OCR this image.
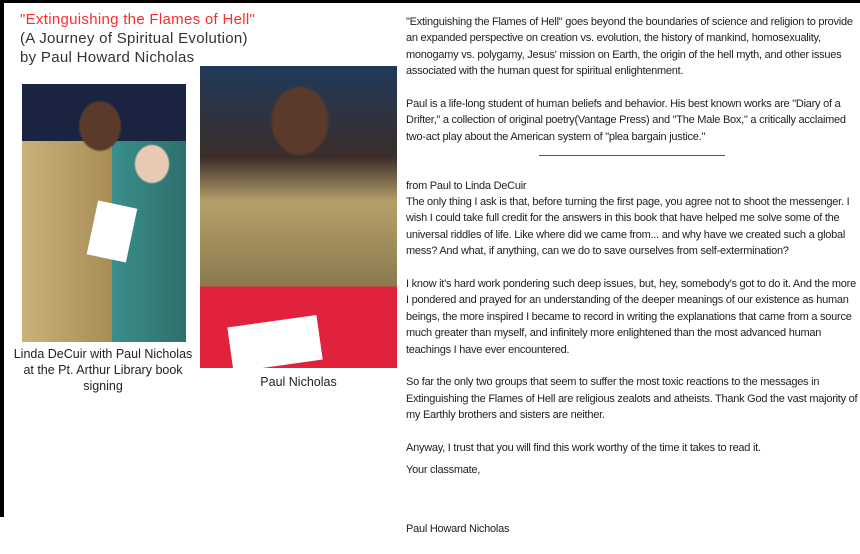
"Extinguishing the Flames of Hell"
(A Journey of Spiritual Evolution)
by Paul Howard Nicholas
Linda DeCuir with Paul Nicholas at the Pt. Arthur Library book signing	Paul Nicholas

"Extinguishing the Flames of Hell" goes beyond the boundaries of science and religion to provide an expanded perspective on creation vs. evolution, the history of mankind, homosexuality, monogamy vs. polygamy, Jesus' mission on Earth, the origin of the hell myth, and other issues associated with the human quest for spiritual enlightenment.

Paul is a life-long student of human beliefs and behavior. His best known works are "Diary of a Drifter," a collection of original poetry(Vantage Press) and "The Male Box," a critically acclaimed two-act play about the American system of "plea bargain justice."

from Paul to Linda DeCuir

The only thing I ask is that, before turning the first page, you agree not to shoot the messenger. I wish I could take full credit for the answers in this book that have helped me solve some of the universal riddles of life. Like where did we came from... and why have we created such a global mess? And what, if anything, can we do to save ourselves from self-extermination?

I know it's hard work pondering such deep issues, but, hey, somebody's got to do it. And the more I pondered and prayed for an understanding of the deeper meanings of our existence as human beings, the more inspired I became to record in writing the explanations that came from a source much greater than myself, and infinitely more enlightened than the most advanced human teachings I have ever encountered.

So far the only two groups that seem to suffer the most toxic reactions to the messages in Extinguishing the Flames of Hell are religious zealots and atheists. Thank God the vast majority of my Earthly brothers and sisters are neither.

Anyway, I trust that you will find this work worthy of the time it takes to read it.

Your classmate,

Paul Howard Nicholas
